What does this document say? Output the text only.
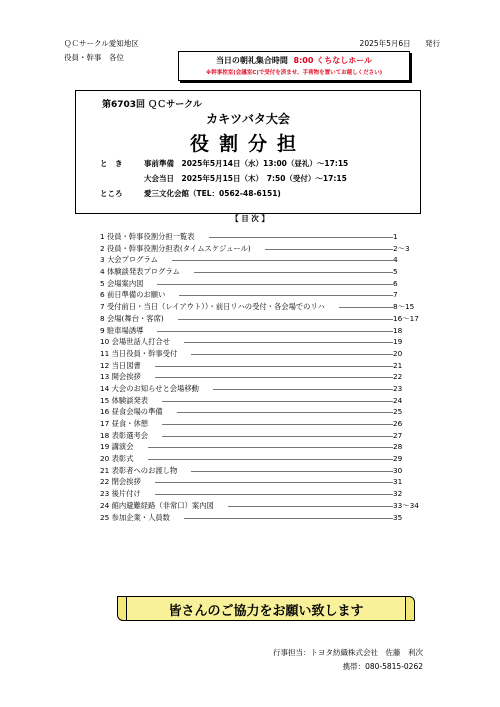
ＱＣサークル愛知地区
役員・幹事　各位
2025年5月6日 発行
当日の朝礼集合時間 8:00 くちなしホール
※幹事控室(会議室C)で受付を済ませ、手荷物を置いてお越しください)
第6703回 ＱＣサークル
カキツバタ大会
役割分担
と　き	事前準備　2025年5月14日（水）13:00（昼礼）～17:15
大会当日　2025年5月15日（木）　7:50（受付）～17:15
ところ	愛三文化会館（TEL：0562-48-6151)
【 目 次 】
1 役員・幹事役割分担一覧表	1
2 役員・幹事役割分担表(タイムスケジュール)	2～3
3 大会プログラム	4
4 体験談発表プログラム	5
5 会場案内図	6
6 前日準備のお願い	7
7 受付前日・当日（レイアウト））・前日リハの受付・各会場でのリハ	8～15
8 会場(舞台・客席)	16～17
9 駐車場誘導	18
10 会場世話人打合せ	19
11 当日役員・幹事受付	20
12 当日図書	21
13 開会挨拶	22
14 大会のお知らせと会場移動	23
15 体験談発表	24
16 昼食会場の準備	25
17 昼食・休憩	26
18 表彰選考会	27
19 講演会	28
20 表彰式	29
21 表彰者へのお渡し物	30
22 閉会挨拶	31
23 後片付け	32
24 館内避難経路（非常口）案内図	33～34
25 参加企業・人員数	35
皆さんのご協力をお願い致します
行事担当：トヨタ紡織株式会社　佐藤　利次
携帯：080-5815-0262
